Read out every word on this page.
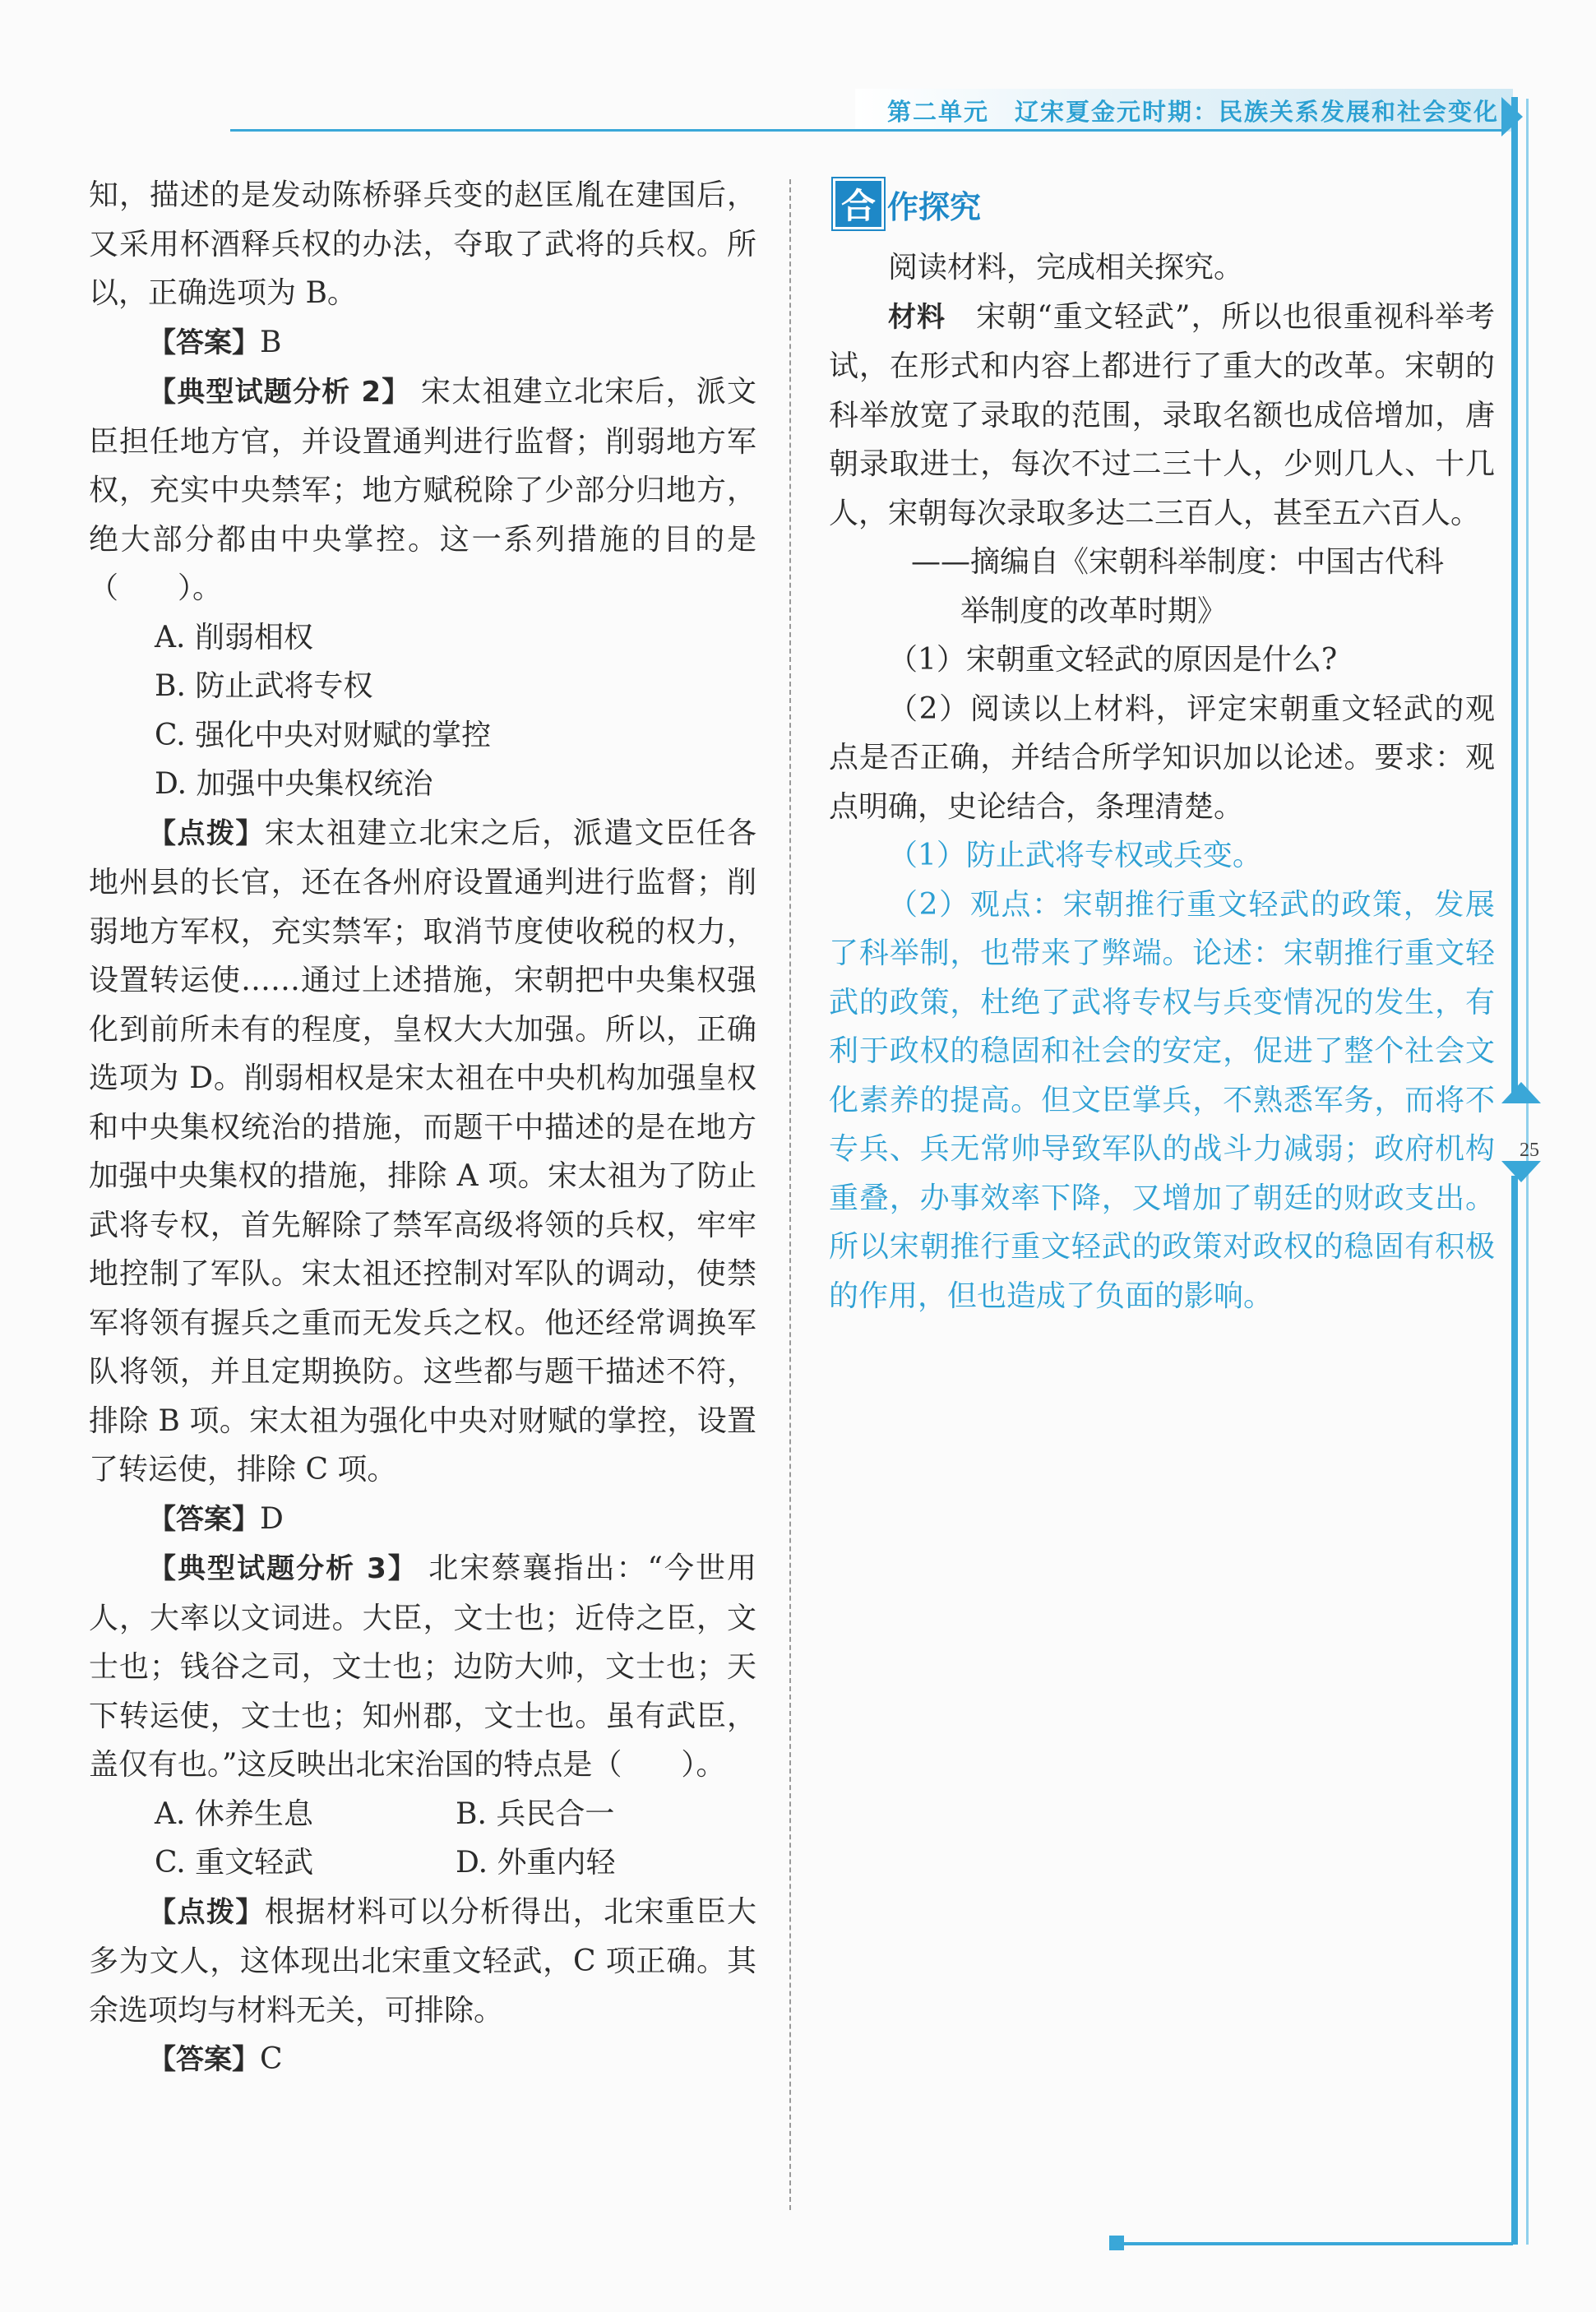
第二单元　辽宋夏金元时期：民族关系发展和社会变化
25

知，描述的是发动陈桥驿兵变的赵匡胤在建国后，又采用杯酒释兵权的办法，夺取了武将的兵权。所以，正确选项为 B。

【答案】B

【典型试题分析 2】 宋太祖建立北宋后，派文臣担任地方官，并设置通判进行监督；削弱地方军权，充实中央禁军；地方赋税除了少部分归地方，绝大部分都由中央掌控。这一系列措施的目的是（　　）。

A. 削弱相权

B. 防止武将专权

C. 强化中央对财赋的掌控

D. 加强中央集权统治

【点拨】宋太祖建立北宋之后，派遣文臣任各地州县的长官，还在各州府设置通判进行监督；削弱地方军权，充实禁军；取消节度使收税的权力，设置转运使……通过上述措施，宋朝把中央集权强化到前所未有的程度，皇权大大加强。所以，正确选项为 D。削弱相权是宋太祖在中央机构加强皇权和中央集权统治的措施，而题干中描述的是在地方加强中央集权的措施，排除 A 项。宋太祖为了防止武将专权，首先解除了禁军高级将领的兵权，牢牢地控制了军队。宋太祖还控制对军队的调动，使禁军将领有握兵之重而无发兵之权。他还经常调换军队将领，并且定期换防。这些都与题干描述不符，排除 B 项。宋太祖为强化中央对财赋的掌控，设置了转运使，排除 C 项。

【答案】D

【典型试题分析 3】 北宋蔡襄指出：“今世用人，大率以文词进。大臣，文士也；近侍之臣，文士也；钱谷之司，文士也；边防大帅，文士也；天下转运使，文士也；知州郡，文士也。虽有武臣，盖仅有也。”这反映出北宋治国的特点是（　　）。

A. 休养生息	B. 兵民合一
C. 重文轻武	D. 外重内轻

【点拨】根据材料可以分析得出，北宋重臣大多为文人，这体现出北宋重文轻武，C 项正确。其余选项均与材料无关，可排除。

【答案】C

合 作探究

阅读材料，完成相关探究。

材料　宋朝“重文轻武”，所以也很重视科举考试，在形式和内容上都进行了重大的改革。宋朝的科举放宽了录取的范围，录取名额也成倍增加，唐朝录取进士，每次不过二三十人，少则几人、十几人，宋朝每次录取多达二三百人，甚至五六百人。

——摘编自《宋朝科举制度：中国古代科

举制度的改革时期》

（1）宋朝重文轻武的原因是什么?

（2）阅读以上材料，评定宋朝重文轻武的观点是否正确，并结合所学知识加以论述。要求：观点明确，史论结合，条理清楚。

（1）防止武将专权或兵变。

（2）观点：宋朝推行重文轻武的政策，发展了科举制，也带来了弊端。论述：宋朝推行重文轻武的政策，杜绝了武将专权与兵变情况的发生，有利于政权的稳固和社会的安定，促进了整个社会文化素养的提高。但文臣掌兵，不熟悉军务，而将不专兵、兵无常帅导致军队的战斗力减弱；政府机构重叠，办事效率下降，又增加了朝廷的财政支出。所以宋朝推行重文轻武的政策对政权的稳固有积极的作用，但也造成了负面的影响。
